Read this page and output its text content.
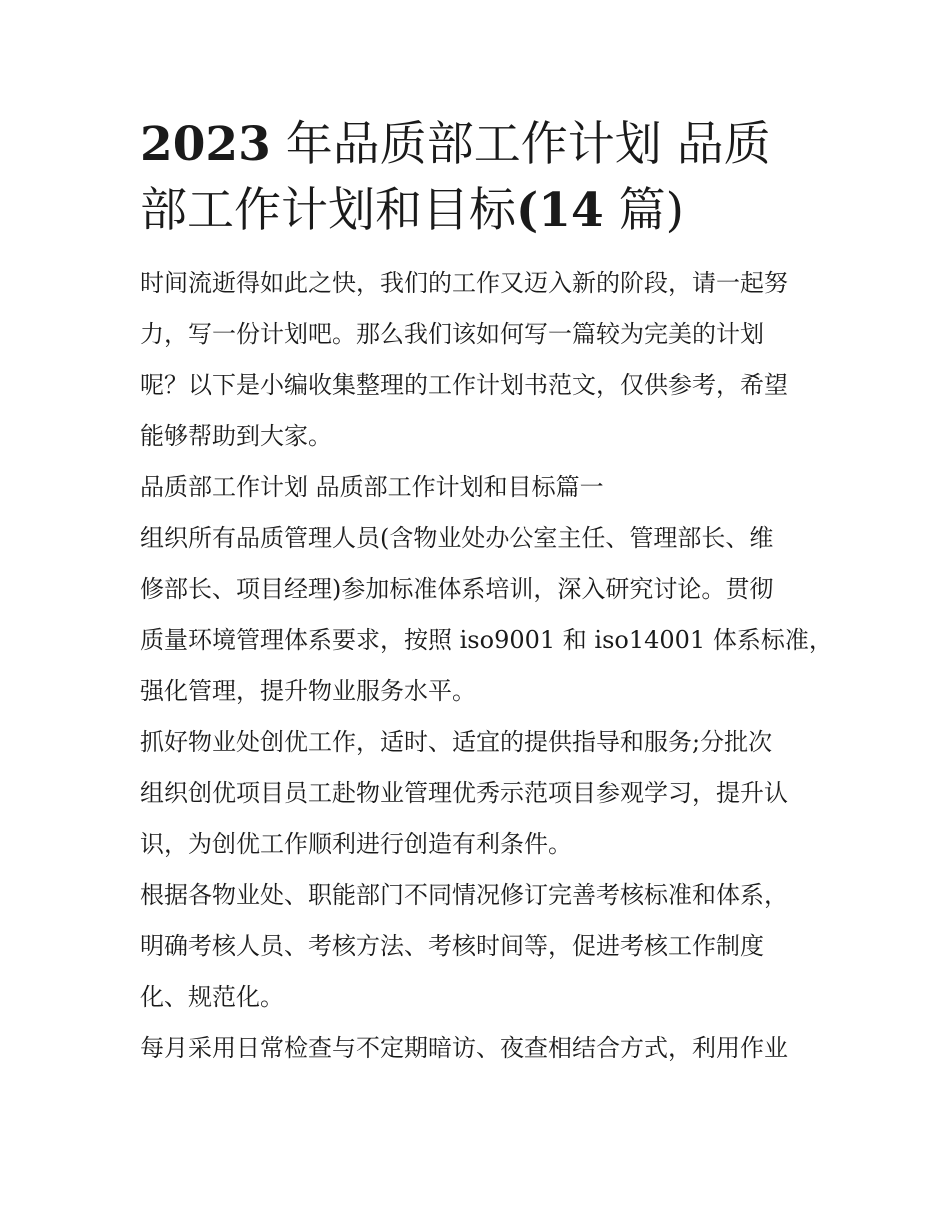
2023 年品质部工作计划 品质
部工作计划和目标(14 篇)

时间流逝得如此之快，我们的工作又迈入新的阶段，请一起努
力，写一份计划吧。那么我们该如何写一篇较为完美的计划
呢？以下是小编收集整理的工作计划书范文，仅供参考，希望
能够帮助到大家。

品质部工作计划 品质部工作计划和目标篇一

组织所有品质管理人员(含物业处办公室主任、管理部长、维
修部长、项目经理)参加标准体系培训，深入研究讨论。贯彻
质量环境管理体系要求，按照 iso9001 和 iso14001 体系标准，
强化管理，提升物业服务水平。

抓好物业处创优工作，适时、适宜的提供指导和服务;分批次
组织创优项目员工赴物业管理优秀示范项目参观学习，提升认
识，为创优工作顺利进行创造有利条件。

根据各物业处、职能部门不同情况修订完善考核标准和体系，
明确考核人员、考核方法、考核时间等，促进考核工作制度
化、规范化。

每月采用日常检查与不定期暗访、夜查相结合方式，利用作业
